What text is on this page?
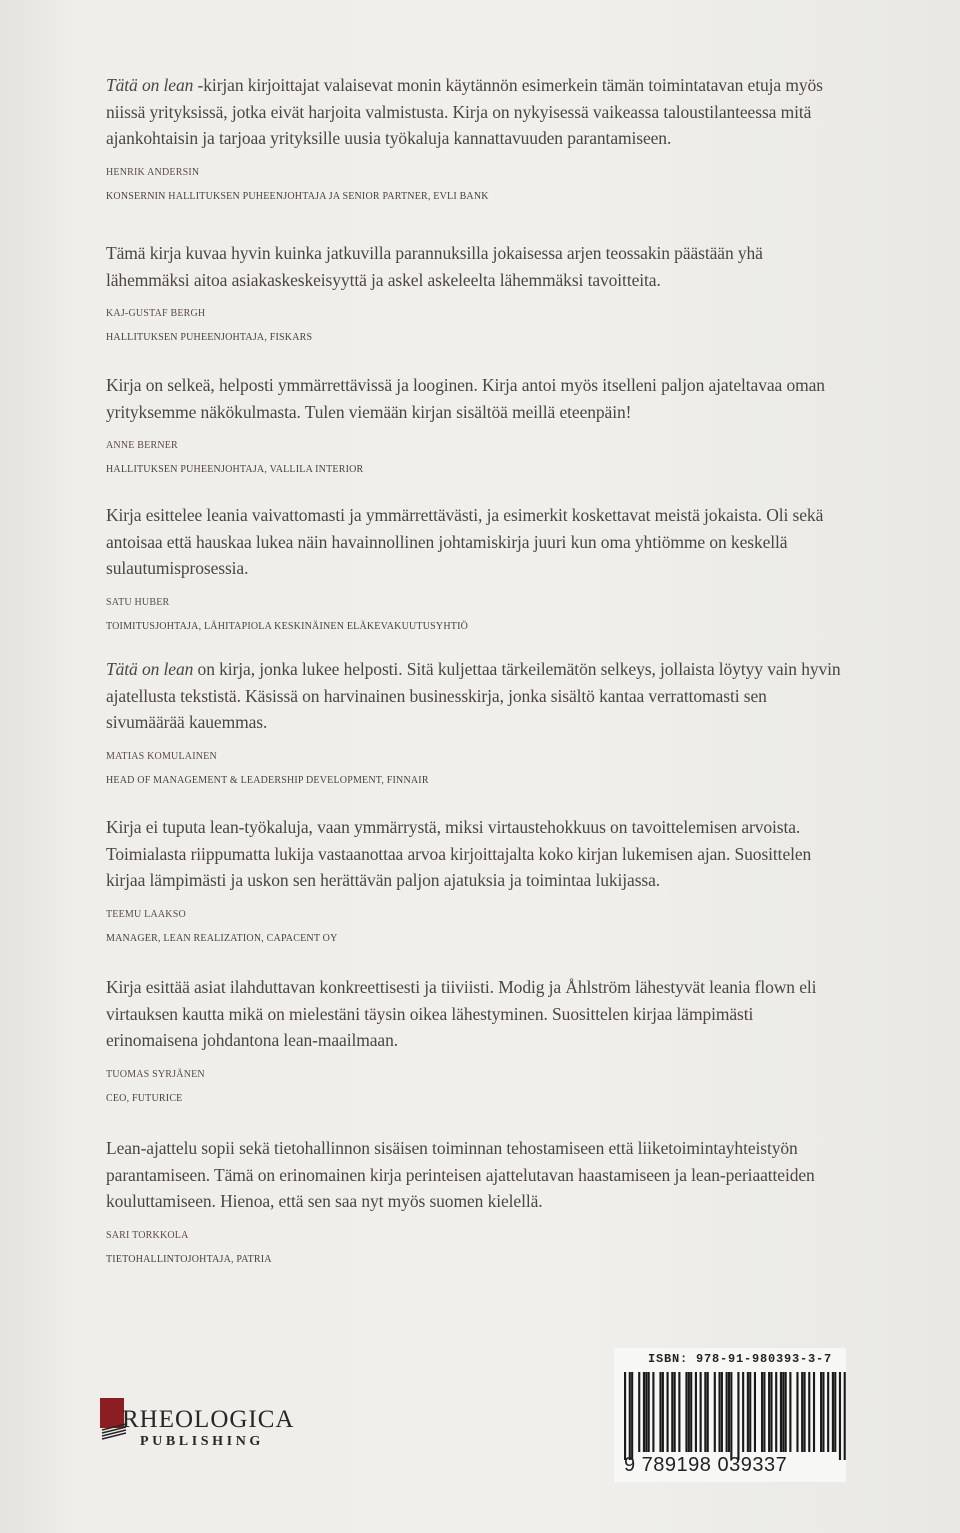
Tätä on lean -kirjan kirjoittajat valaisevat monin käytännön esimerkein tämän toimintatavan etuja myös niissä yrityksissä, jotka eivät harjoita valmistusta. Kirja on nykyisessä vaikeassa taloustilanteessa mitä ajankohtaisin ja tarjoaa yrityksille uusia työkaluja kannattavuuden parantamiseen.

HENRIK ANDERSIN
KONSERNIN HALLITUKSEN PUHEENJOHTAJA JA SENIOR PARTNER, EVLI BANK

Tämä kirja kuvaa hyvin kuinka jatkuvilla parannuksilla jokaisessa arjen teossakin päästään yhä lähemmäksi aitoa asiakaskeskeisyyttä ja askel askeleelta lähemmäksi tavoitteita.

KAJ-GUSTAF BERGH
HALLITUKSEN PUHEENJOHTAJA, FISKARS

Kirja on selkeä, helposti ymmärrettävissä ja looginen. Kirja antoi myös itselleni paljon ajateltavaa oman yrityksemme näkökulmasta. Tulen viemään kirjan sisältöä meillä eteenpäin!

ANNE BERNER
HALLITUKSEN PUHEENJOHTAJA, VALLILA INTERIOR

Kirja esittelee leania vaivattomasti ja ymmärrettävästi, ja esimerkit koskettavat meistä jokaista. Oli sekä antoisaa että hauskaa lukea näin havainnollinen johtamiskirja juuri kun oma yhtiömme on keskellä sulautumisprosessia.

SATU HUBER
TOIMITUSJOHTAJA, LÄHITAPIOLA KESKINÄINEN ELÄKEVAKUUTUSYHTIÖ

Tätä on lean on kirja, jonka lukee helposti. Sitä kuljettaa tärkeilemätön selkeys, jollaista löytyy vain hyvin ajatellusta tekstistä. Käsissä on harvinainen businesskirja, jonka sisältö kantaa verrattomasti sen sivumäärää kauemmas.

MATIAS KOMULAINEN
HEAD OF MANAGEMENT & LEADERSHIP DEVELOPMENT, FINNAIR

Kirja ei tuputa lean-työkaluja, vaan ymmärrystä, miksi virtaustehokkuus on tavoittelemisen arvoista. Toimialasta riippumatta lukija vastaanottaa arvoa kirjoittajalta koko kirjan lukemisen ajan. Suosittelen kirjaa lämpimästi ja uskon sen herättävän paljon ajatuksia ja toimintaa lukijassa.

TEEMU LAAKSO
MANAGER, LEAN REALIZATION, CAPACENT OY

Kirja esittää asiat ilahduttavan konkreettisesti ja tiiviisti. Modig ja Åhlström lähestyvät leania flown eli virtauksen kautta mikä on mielestäni täysin oikea lähestyminen. Suosittelen kirjaa lämpimästi erinomaisena johdantona lean-maailmaan.

TUOMAS SYRJÄNEN
CEO, FUTURICE

Lean-ajattelu sopii sekä tietohallinnon sisäisen toiminnan tehostamiseen että liiketoimintayhteistyön parantamiseen. Tämä on erinomainen kirja perinteisen ajattelutavan haastamiseen ja lean-periaatteiden kouluttamiseen. Hienoa, että sen saa nyt myös suomen kielellä.

SARI TORKKOLA
TIETOHALLINTOJOHTAJA, PATRIA
RHEOLOGICA
PUBLISHING
ISBN: 978-91-980393-3-7
9 789198 039337
